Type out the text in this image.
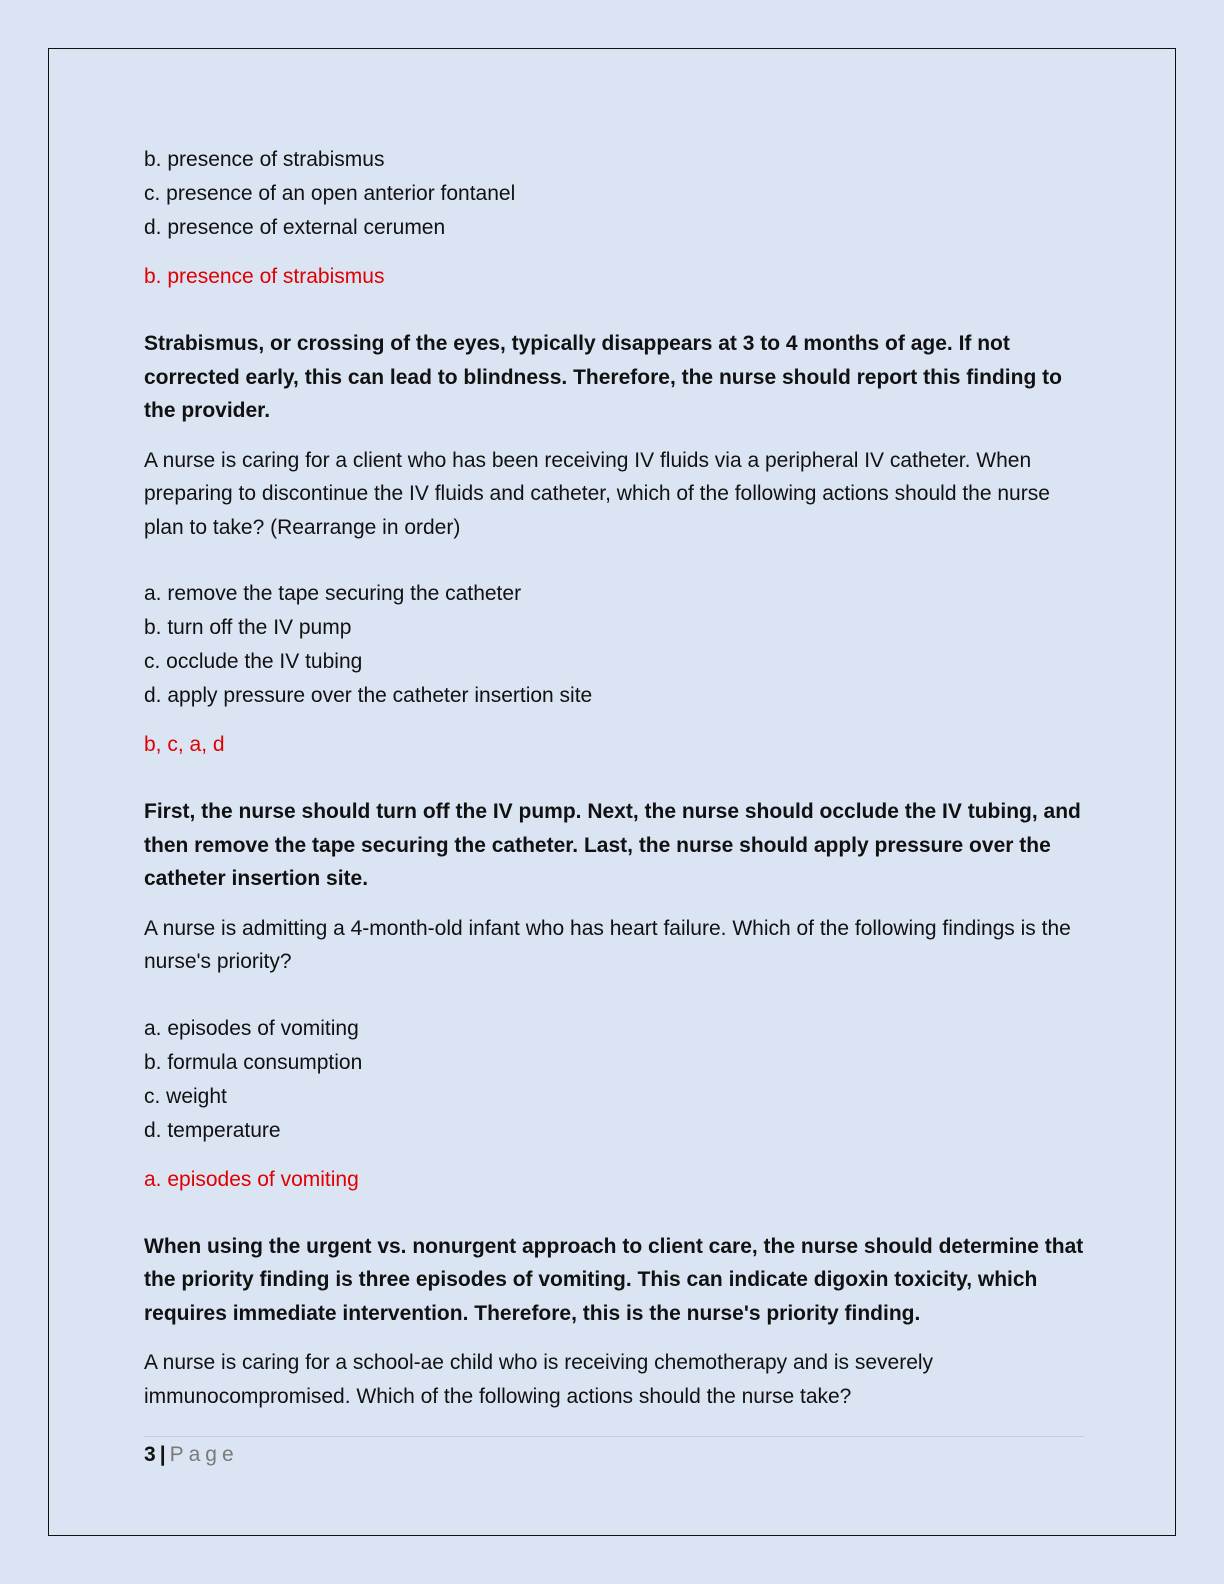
b. presence of strabismus

c. presence of an open anterior fontanel

d. presence of external cerumen

b. presence of strabismus

Strabismus, or crossing of the eyes, typically disappears at 3 to 4 months of age. If not corrected early, this can lead to blindness. Therefore, the nurse should report this finding to the provider.

A nurse is caring for a client who has been receiving IV fluids via a peripheral IV catheter. When preparing to discontinue the IV fluids and catheter, which of the following actions should the nurse plan to take? (Rearrange in order)

a. remove the tape securing the catheter

b. turn off the IV pump

c. occlude the IV tubing

d. apply pressure over the catheter insertion site

b, c, a, d

First, the nurse should turn off the IV pump. Next, the nurse should occlude the IV tubing, and then remove the tape securing the catheter. Last, the nurse should apply pressure over the catheter insertion site.

A nurse is admitting a 4-month-old infant who has heart failure. Which of the following findings is the nurse's priority?

a. episodes of vomiting

b. formula consumption

c. weight

d. temperature

a. episodes of vomiting

When using the urgent vs. nonurgent approach to client care, the nurse should determine that the priority finding is three episodes of vomiting. This can indicate digoxin toxicity, which requires immediate intervention. Therefore, this is the nurse's priority finding.

A nurse is caring for a school-ae child who is receiving chemotherapy and is severely immunocompromised. Which of the following actions should the nurse take?

3 | Page
